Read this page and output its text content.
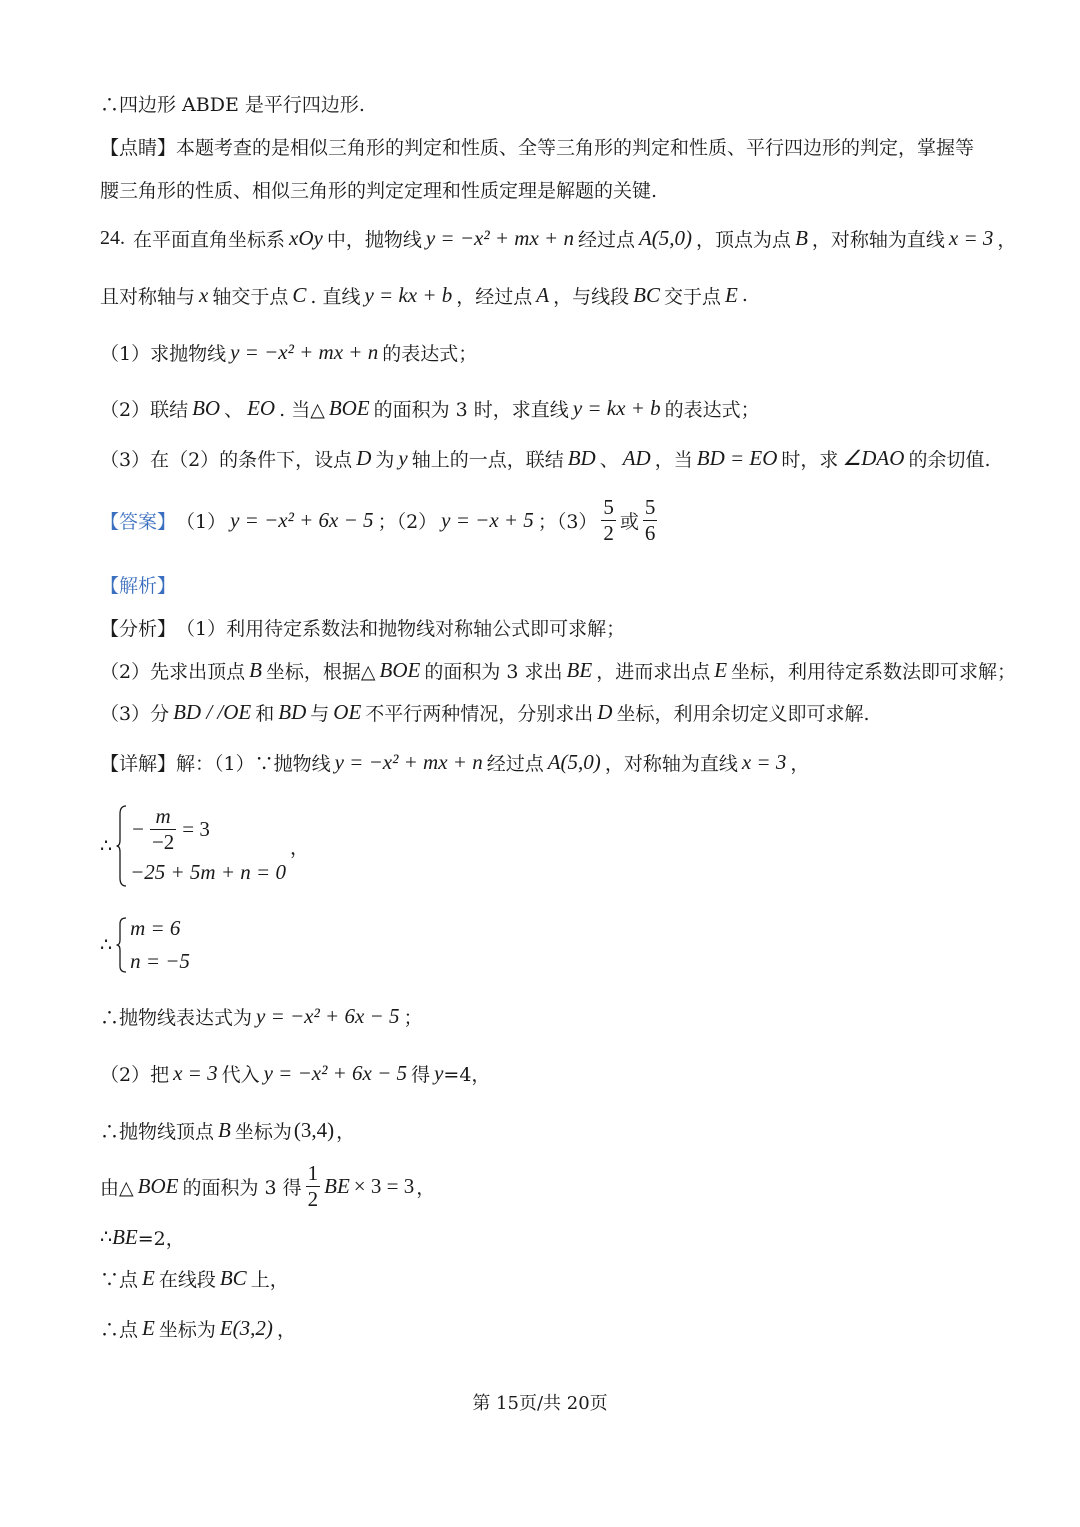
∴四边形 ABDE 是平行四边形.
【点睛】 本题考查的是相似三角形的判定和性质、全等三角形的判定和性质、平行四边形的判定，掌握等
腰三角形的性质、相似三角形的判定定理和性质定理是解题的关键.
24. 在平面直角坐标系 xOy 中，抛物线 y = −x² + mx + n 经过点 A(5,0) ，顶点为点 B ，对称轴为直线 x = 3 ，
且对称轴与 x 轴交于点 C . 直线 y = kx + b ，经过点 A ，与线段 BC 交于点 E .
（1）求抛物线 y = −x² + mx + n 的表达式；
（2）联结 BO 、 EO . 当△ BOE 的面积为 3 时，求直线 y = kx + b 的表达式；
（3）在（2）的条件下，设点 D 为 y 轴上的一点，联结 BD 、 AD ，当 BD = EO 时，求 ∠DAO 的余切值.
【答案】 （1） y = −x² + 6x − 5 ；（2） y = −x + 5 ；$(3) \frac{5}{2}$ 或 $\frac{5}{6}$
【解析】
【分析】 （1）利用待定系数法和抛物线对称轴公式即可求解；
（2）先求出顶点 B 坐标，根据△ BOE 的面积为 3 求出 BE ，进而求出点 E 坐标，利用待定系数法即可求解；
（3）分 BD / /OE 和 BD 与 OE 不平行两种情况，分别求出 D 坐标，利用余切定义即可求解.
【详解】 解：（1）∵抛物线 y = −x² + mx + n 经过点 A(5,0) ，对称轴为直线 x = 3 ，
∴
− $\frac{m}{-2} = 3$
−25 + 5m + n = 0
，
∴
m = 6
n = −5
∴抛物线表达式为 y = −x² + 6x − 5 ；
（2）把 x = 3 代入 y = −x² + 6x − 5 得 y =4，
∴抛物线顶点 B 坐标为 (3,4) ，
由△ BOE 的面积为 3 得 $\frac{1}{2}$ BE × 3 = 3 ，
∴ BE =2，
∵点 E 在线段 BC 上，
∴点 E 坐标为 E(3,2) ，
第 15页/共 20页
